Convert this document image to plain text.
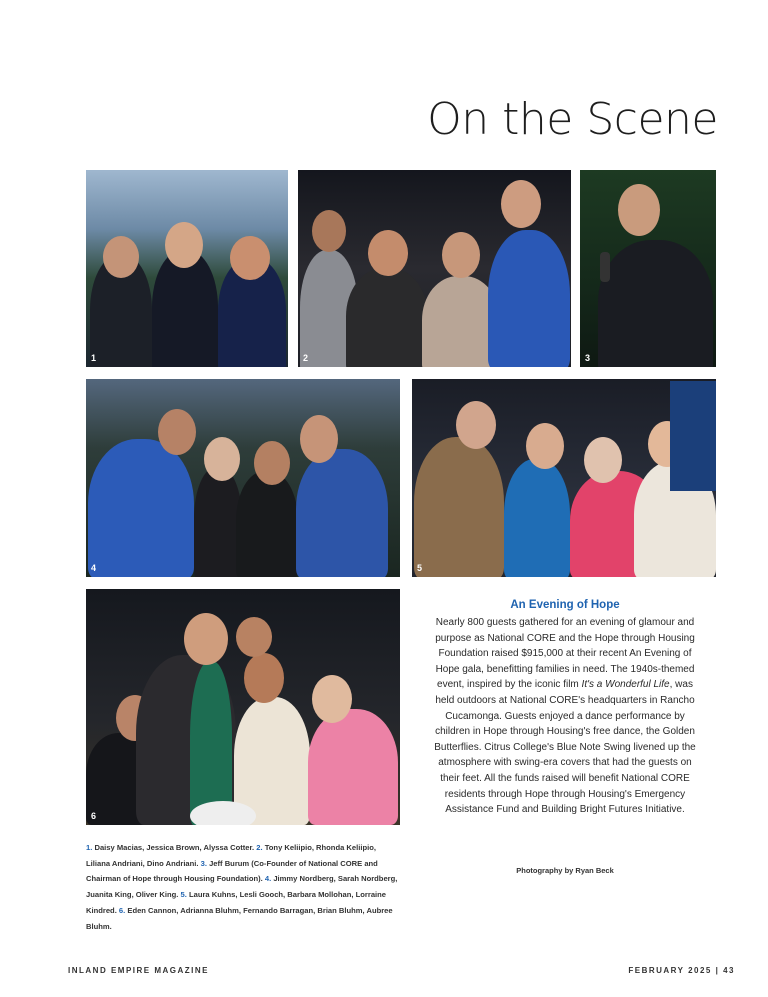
On the Scene
1	2	3
4	5
6
An Evening of Hope
Nearly 800 guests gathered for an evening of glamour and purpose as National CORE and the Hope through Housing Foundation raised $915,000 at their recent An Evening of Hope gala, benefitting families in need. The 1940s-themed event, inspired by the iconic film It's a Wonderful Life, was held outdoors at National CORE's headquarters in Rancho Cucamonga. Guests enjoyed a dance performance by children in Hope through Housing's free dance, the Golden Butterflies. Citrus College's Blue Note Swing livened up the atmosphere with swing-era covers that had the guests on their feet. All the funds raised will benefit National CORE residents through Hope through Housing's Emergency Assistance Fund and Building Bright Futures Initiative.
Photography by Ryan Beck
1. Daisy Macias, Jessica Brown, Alyssa Cotter. 2. Tony Keliipio, Rhonda Keliipio, Liliana Andriani, Dino Andriani. 3. Jeff Burum (Co-Founder of National CORE and Chairman of Hope through Housing Foundation). 4. Jimmy Nordberg, Sarah Nordberg, Juanita King, Oliver King. 5. Laura Kuhns, Lesli Gooch, Barbara Mollohan, Lorraine Kindred. 6. Eden Cannon, Adrianna Bluhm, Fernando Barragan, Brian Bluhm, Aubree Bluhm.
INLAND EMPIRE MAGAZINE	FEBRUARY 2025 | 43
